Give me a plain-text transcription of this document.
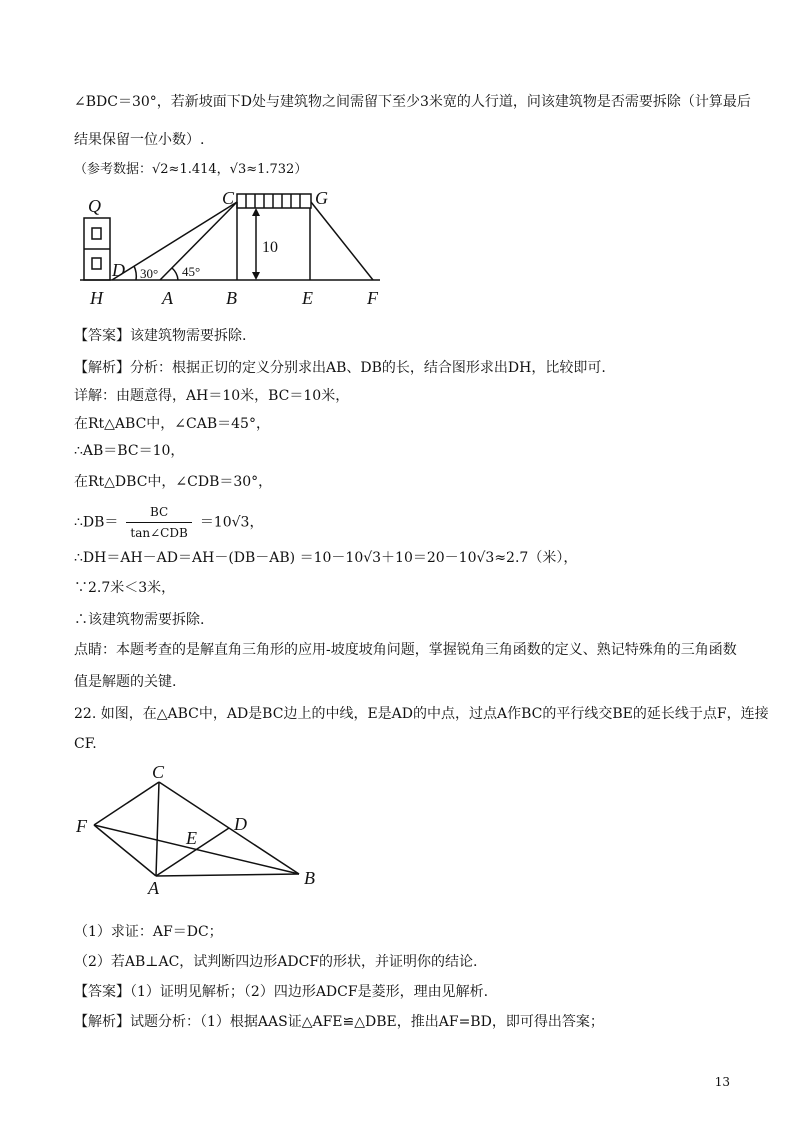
∠BDC＝30°，若新坡面下D处与建筑物之间需留下至少3米宽的人行道，问该建筑物是否需要拆除（计算最后
结果保留一位小数）.
（参考数据：√2≈1.414，√3≈1.732）
Q	C	G
D
H	A	B	E	F
10
30° 45°
【答案】该建筑物需要拆除.
【解析】分析：根据正切的定义分别求出AB、DB的长，结合图形求出DH，比较即可.
详解：由题意得，AH＝10米，BC＝10米，
在Rt△ABC中，∠CAB＝45°，
∴AB＝BC＝10，
在Rt△DBC中，∠CDB＝30°，
∴DB＝ $\frac{BC}{\text{tan∠CDB}} =10√3$，
∴DH＝AH－AD＝AH－(DB－AB) ＝10－10√3＋10＝20－10√3≈2.7（米），
∵2.7米＜3米，
∴该建筑物需要拆除.
点睛：本题考查的是解直角三角形的应用-坡度坡角问题，掌握锐角三角函数的定义、熟记特殊角的三角函数
值是解题的关键.
22. 如图，在△ABC中，AD是BC边上的中线，E是AD的中点，过点A作BC的平行线交BE的延长线于点F，连接
CF.
C
F
E
D
A	B
（1）求证：AF＝DC；
（2）若AB⊥AC，试判断四边形ADCF的形状，并证明你的结论.
【答案】（1）证明见解析；（2）四边形ADCF是菱形，理由见解析.
【解析】试题分析：（1）根据AAS证△AFE≌△DBE，推出AF=BD，即可得出答案；
13
